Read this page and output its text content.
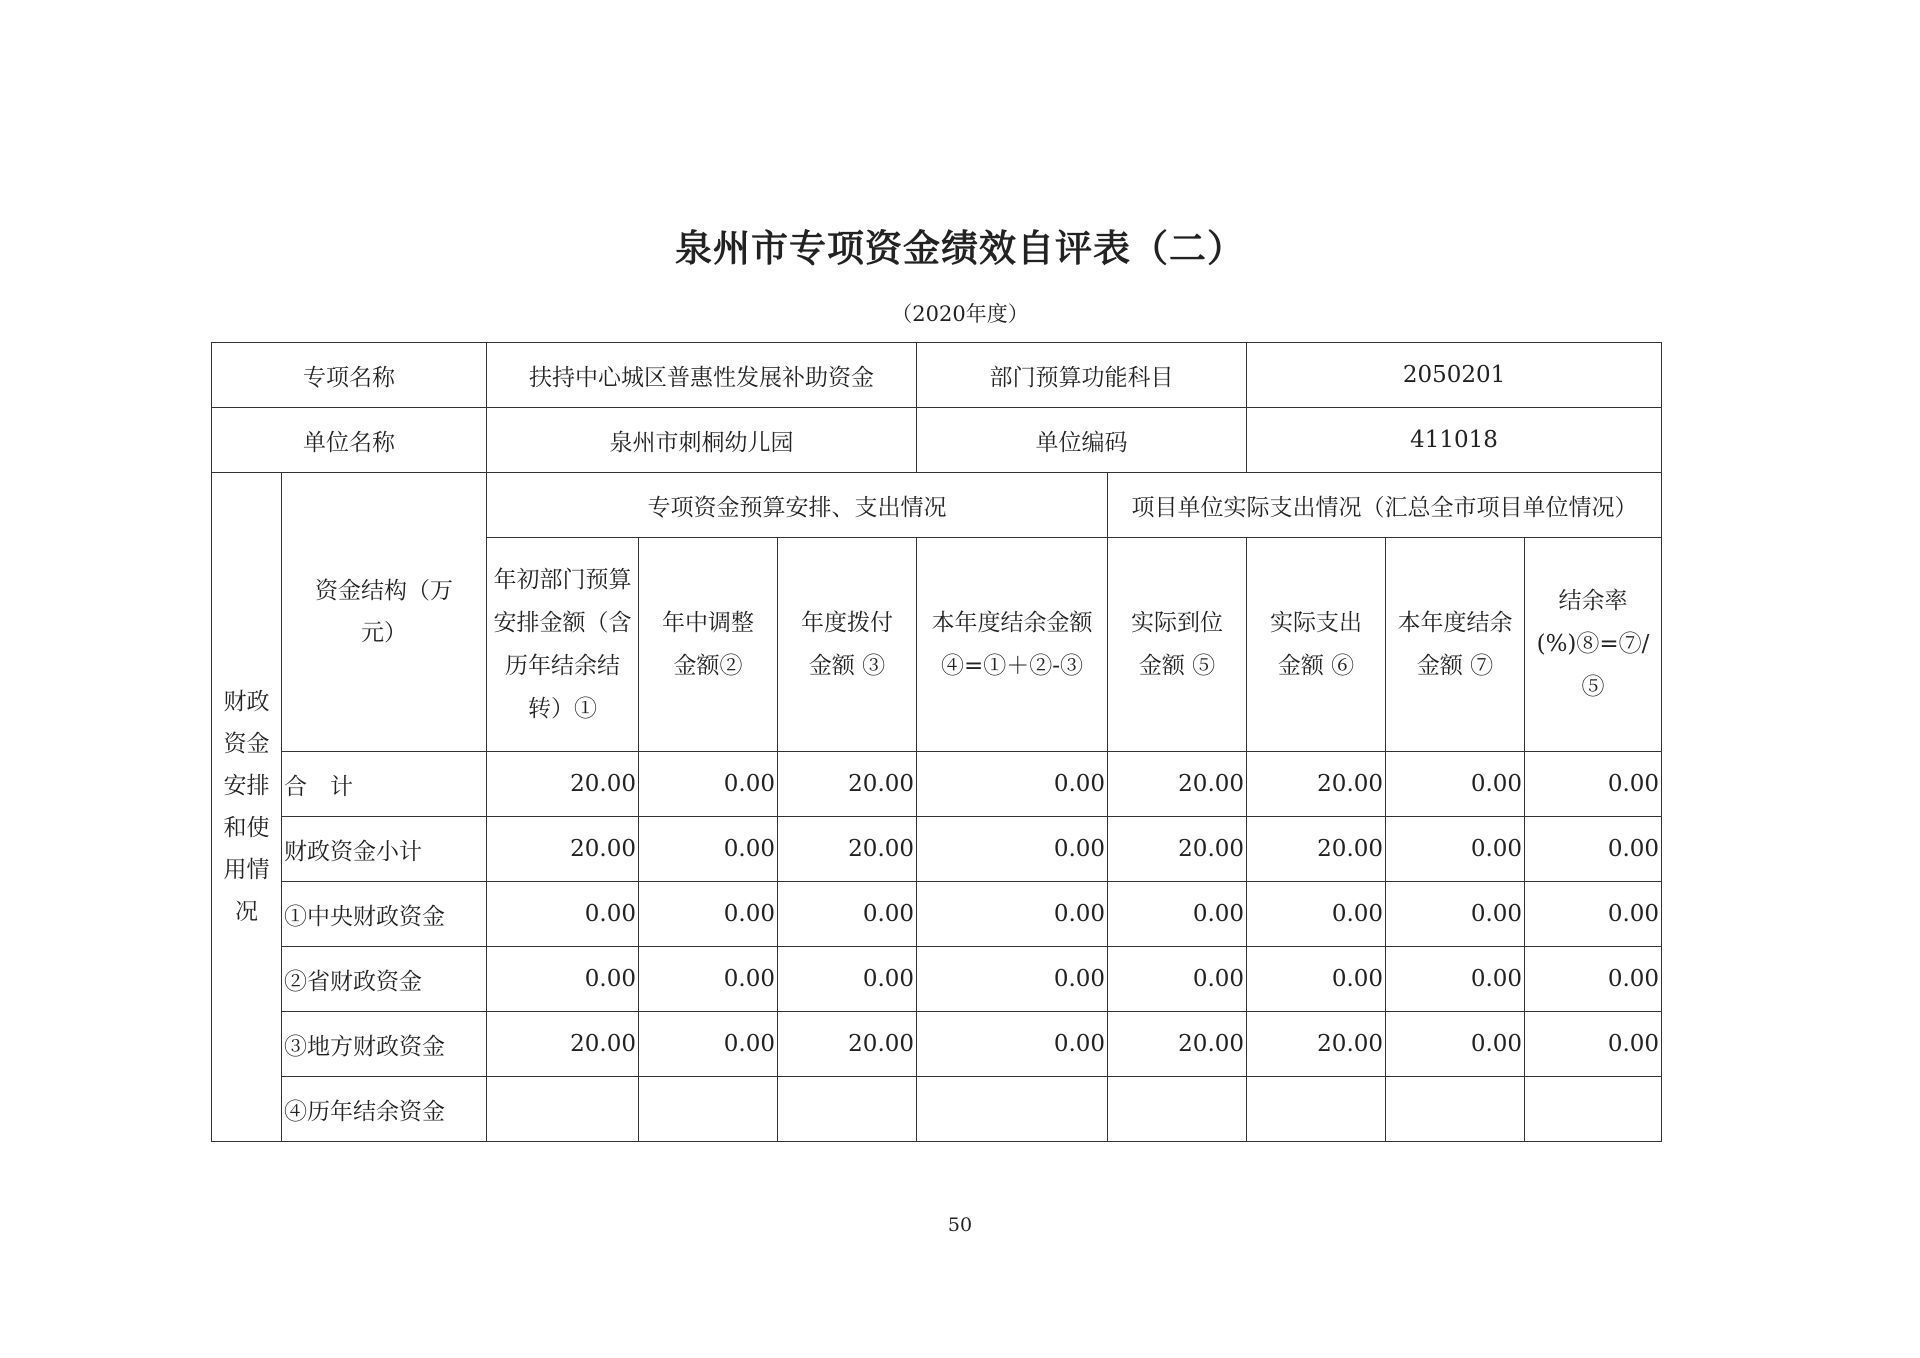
泉州市专项资金绩效自评表（二）

（2020年度）

专项名称		扶持中心城区普惠性发展补助资金			部门预算功能科目		2050201		
单位名称		泉州市刺桐幼儿园			单位编码		411018		
财政资金安排和使用情况	资金结构（万元）	专项资金预算安排、支出情况				项目单位实际支出情况（汇总全市项目单位情况）			
		年初部门预算安排金额（含历年结余结转）①	年中调整金额②	年度拨付金额 ③	本年度结余金额④=①＋②-③	实际到位金额 ⑤	实际支出金额 ⑥	本年度结余金额 ⑦	结余率(%)⑧=⑦/⑤
	合　计	20.00	0.00	20.00	0.00	20.00	20.00	0.00	0.00
	财政资金小计	20.00	0.00	20.00	0.00	20.00	20.00	0.00	0.00
	①中央财政资金	0.00	0.00	0.00	0.00	0.00	0.00	0.00	0.00
	②省财政资金	0.00	0.00	0.00	0.00	0.00	0.00	0.00	0.00
	③地方财政资金	20.00	0.00	20.00	0.00	20.00	20.00	0.00	0.00
	④历年结余资金								
50
